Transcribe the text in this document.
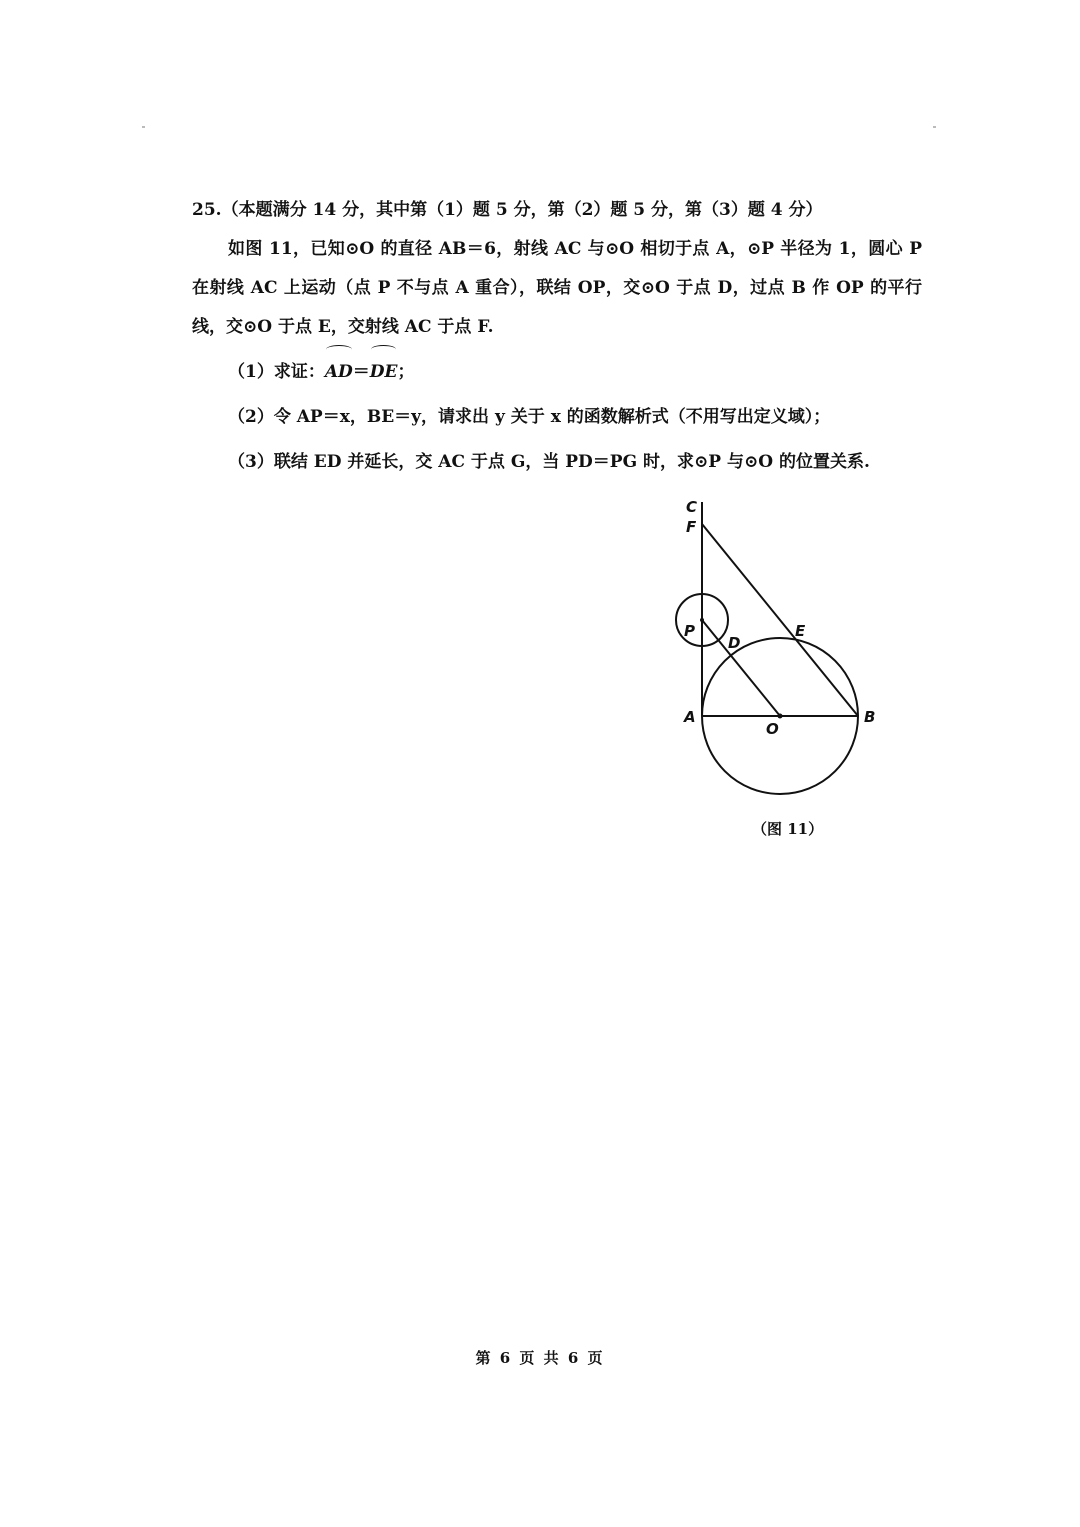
25.（本题满分 14 分，其中第（1）题 5 分，第（2）题 5 分，第（3）题 4 分）
如图 11，已知⊙O 的直径 AB＝6，射线 AC 与⊙O 相切于点 A，⊙P 半径为 1，圆心 P 在射线 AC 上运动（点 P 不与点 A 重合），联结 OP，交⊙O 于点 D，过点 B 作 OP 的平行线，交⊙O 于点 E，交射线 AC 于点 F.
（1）求证：AD＝DE；
（2）令 AP＝x，BE＝y，请求出 y 关于 x 的函数解析式（不用写出定义域）；
（3）联结 ED 并延长，交 AC 于点 G，当 PD＝PG 时，求⊙P 与⊙O 的位置关系.
C
F
P
D
E
A
O
B
（图 11）
第 6 页 共 6 页
